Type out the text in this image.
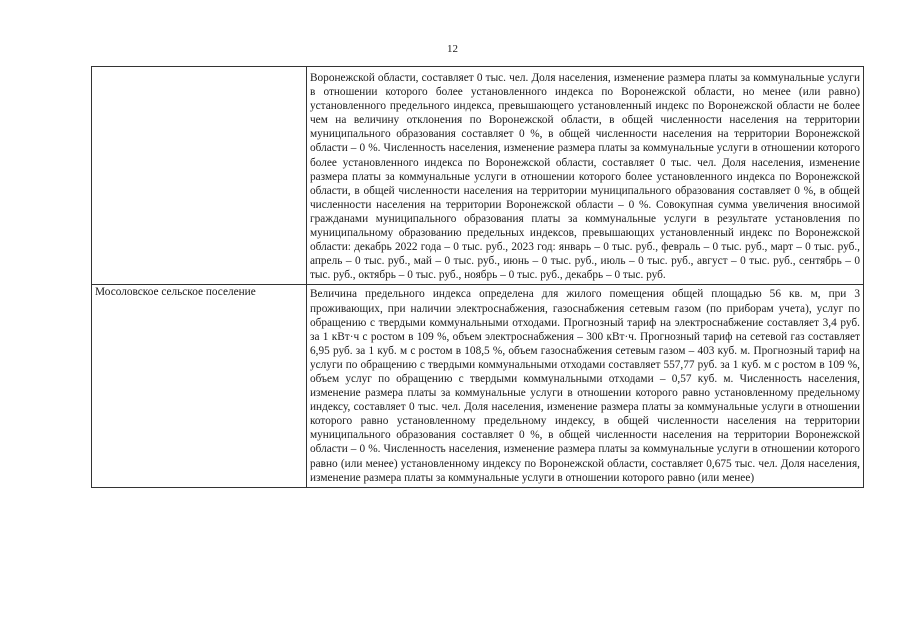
12
	Воронежской области, составляет 0 тыс. чел. Доля населения, изменение размера платы за коммунальные услуги в отношении которого более установленного индекса по Воронежской области, но менее (или равно) установленного предельного индекса, превышающего установленный индекс по Воронежской области не более чем на величину отклонения по Воронежской области, в общей численности населения на территории муниципального образования составляет 0 %, в общей численности населения на территории Воронежской области – 0 %. Численность населения, изменение размера платы за коммунальные услуги в отношении которого более установленного индекса по Воронежской области, составляет 0 тыс. чел. Доля населения, изменение размера платы за коммунальные услуги в отношении которого более установленного индекса по Воронежской области, в общей численности населения на территории муниципального образования составляет 0 %, в общей численности населения на территории Воронежской области – 0 %. Совокупная сумма увеличения вносимой гражданами муниципального образования платы за коммунальные услуги в результате установления по муниципальному образованию предельных индексов, превышающих установленный индекс по Воронежской области: декабрь 2022 года – 0 тыс. руб., 2023 год: январь – 0 тыс. руб., февраль – 0 тыс. руб., март – 0 тыс. руб., апрель – 0 тыс. руб., май – 0 тыс. руб., июнь – 0 тыс. руб., июль – 0 тыс. руб., август – 0 тыс. руб., сентябрь – 0 тыс. руб., октябрь – 0 тыс. руб., ноябрь – 0 тыс. руб., декабрь – 0 тыс. руб.
Мосоловское сельское поселение	Величина предельного индекса определена для жилого помещения общей площадью 56 кв. м, при 3 проживающих, при наличии электроснабжения, газоснабжения сетевым газом (по приборам учета), услуг по обращению с твердыми коммунальными отходами. Прогнозный тариф на электроснабжение составляет 3,4 руб. за 1 кВт·ч с ростом в 109 %, объем электроснабжения – 300 кВт·ч. Прогнозный тариф на сетевой газ составляет 6,95 руб. за 1 куб. м с ростом в 108,5 %, объем газоснабжения сетевым газом – 403 куб. м. Прогнозный тариф на услуги по обращению с твердыми коммунальными отходами составляет 557,77 руб. за 1 куб. м с ростом в 109 %, объем услуг по обращению с твердыми коммунальными отходами – 0,57 куб. м. Численность населения, изменение размера платы за коммунальные услуги в отношении которого равно установленному предельному индексу, составляет 0 тыс. чел. Доля населения, изменение размера платы за коммунальные услуги в отношении которого равно установленному предельному индексу, в общей численности населения на территории муниципального образования составляет 0 %, в общей численности населения на территории Воронежской области – 0 %. Численность населения, изменение размера платы за коммунальные услуги в отношении которого равно (или менее) установленному индексу по Воронежской области, составляет 0,675 тыс. чел. Доля населения, изменение размера платы за коммунальные услуги в отношении которого равно (или менее)
